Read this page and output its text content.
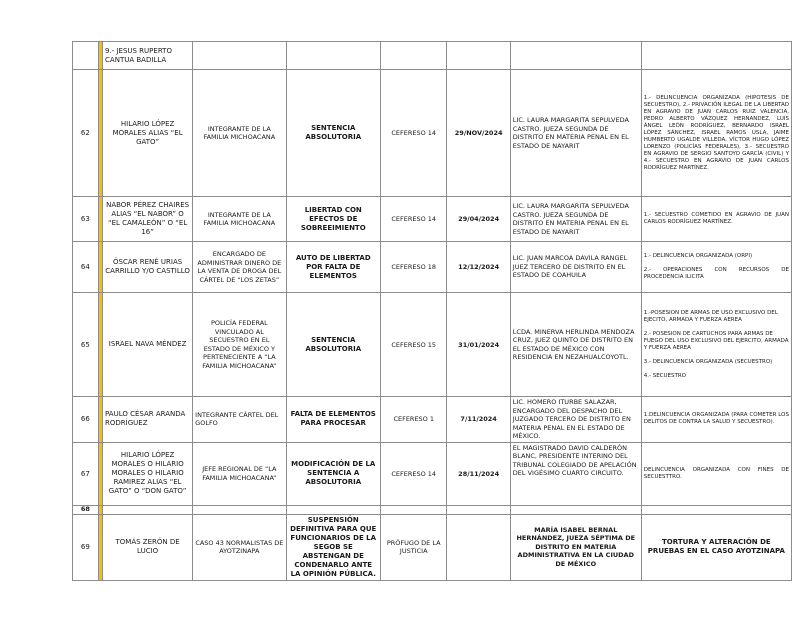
		9.- JESUS RUPERTO CANTUA BADILLA						
62		HILARIO LÓPEZ MORALES ALIAS “EL GATO”	INTEGRANTE DE LA FAMILIA MICHOACANA	SENTENCIA ABSOLUTORIA	CEFERESO 14	29/NOV/2024	LIC. LAURA MARGARITA SEPULVEDA CASTRO. JUEZA SEGUNDA DE DISTRITO EN MATERIA PENAL EN EL ESTADO DE NAYARIT	1.- DELINCUENCIA ORGANIZADA (HIPOTESIS DE SECUESTRO), 2.- PRIVACIÓN ILEGAL DE LA LIBERTAD EN AGRAVIO DE JUAN CARLOS RUIZ VALENCIA, PEDRO ALBERTO VÁZQUEZ HERNANDEZ, LUIS ÁNGEL LEÓN RODRÍGUEZ, BERNARDO ISRAEL LÓPEZ SÁNCHEZ, ISRAEL RAMOS USLA, JAIME HUMBERTO UGALDE VILLEDA, VÍCTOR HUGO LÓPEZ LORENZO (POLICÍAS FEDERALES), 3.- SECUESTRO EN AGRAVIO DE SERGIO SANTOYO GARCÍA (CIVIL) Y 4.- SECUESTRO EN AGRAVIO DE JUAN CARLOS RODRÍGUEZ MARTÍNEZ.
63		NABOR PÉREZ CHAIRES ALIAS “EL NABOR” O “EL CAMALEÓN” O “EL 16”	INTEGRANTE DE LA FAMILIA MICHOACANA	LIBERTAD CON EFECTOS DE SOBREEIMIENTO	CEFERESO 14	29/04/2024	LIC. LAURA MARGARITA SEPULVEDA CASTRO. JUEZA SEGUNDA DE DISTRITO EN MATERIA PENAL EN EL ESTADO DE NAYARIT	1.- SECUESTRO COMETIDO EN AGRAVIO DE JUAN CARLOS RODRÍGUEZ MARTÍNEZ.
64		ÓSCAR RENÉ URIAS CARRILLO Y/O CASTILLO	ENCARGADO DE ADMINISTRAR DINERO DE LA VENTA DE DROGA DEL CÁRTEL DE “LOS ZETAS”	AUTO DE LIBERTAD POR FALTA DE ELEMENTOS	CEFERESO 18	12/12/2024	LIC. JUAN MARCOA DAVILA RANGEL JUEZ TERCERO DE DISTRITO EN EL ESTADO DE COAHUILA	1.- DELINCUENCIA ORGANIZADA (ORPI)
2.- OPERACIONES CON RECURSOS DE PROCEDENCIA ILICITA

65		ISRAEL NAVA MÉNDEZ	POLICÍA FEDERAL VINCULADO AL SECUESTRO EN EL ESTADO DE MÉXICO Y PERTENECIENTE A “LA FAMILIA MICHOACANA”	SENTENCIA ABSOLUTORIA	CEFERESO 15	31/01/2024	LCDA. MINERVA HERLINDA MENDOZA CRUZ, JUEZ QUINTO DE DISTRITO EN EL ESTADO DE MÉXICO CON RESIDENCIA EN NEZAHUALCOYOTL.	1.-POSESION DE ARMAS DE USO EXCLUSIVO DEL EJECITO, ARMADA Y FUERZA AEREA
2.- POSESION DE CARTUCHOS PARA ARMAS DE FUEGO DEL USO EXCLUSIVO DEL EJERCITO, ARMADA Y FUERZA AEREA
3.- DELINCUENCIA ORGANIZADA (SECUESTRO)
4.- SECUESTRO

66		PAULO CÉSAR ARANDA RODRÍGUEZ	INTEGRANTE CÁRTEL DEL GOLFO	FALTA DE ELEMENTOS PARA PROCESAR	CEFERESO 1	7/11/2024	LIC. HOMERO ITURBE SALAZAR, ENCARGADO DEL DESPACHO DEL JUZGADO TERCERO DE DISTRITO EN MATERIA PENAL EN EL ESTADO DE MÉXICO.	1.DELINCUENCIA ORGANIZADA (PARA COMETER LOS DELITOS DE CONTRA LA SALUD Y SECUESTRO).
67		HILARIO LÓPEZ MORALES O HILARIO MORALES O HILARIO RAMIREZ ALIAS “EL GATO” O “DON GATO”	JEFE REGIONAL DE “LA FAMILIA MICHOACANA”	MODIFICACIÓN DE LA SENTENCIA A ABSOLUTORIA	CEFERESO 14	28/11/2024	EL MAGISTRADO DAVID CALDERÓN BLANC, PRESIDENTE INTERINO DEL TRIBUNAL COLEGIADO DE APELACIÓN DEL VIGÉSIMO CUARTO CIRCUITO.	DELINCUENCIA ORGANIZADA CON FINES DE SECUESTTRO.
68								
69		TOMÁS ZERÓN DE LUCIO	CASO 43 NORMALISTAS DE AYOTZINAPA	SUSPENSIÓN DEFINITIVA PARA QUE FUNCIONARIOS DE LA SEGOB SE ABSTENGAN DE CONDENARLO ANTE LA OPINIÓN PÚBLICA.	PRÓFUGO DE LA JUSTICIA		MARÍA ISABEL BERNAL HERNÁNDEZ, JUEZA SÉPTIMA DE DISTRITO EN MATERIA ADMINISTRATIVA EN LA CIUDAD DE MÉXICO	TORTURA Y ALTERACIÓN DE PRUEBAS EN EL CASO AYOTZINAPA
